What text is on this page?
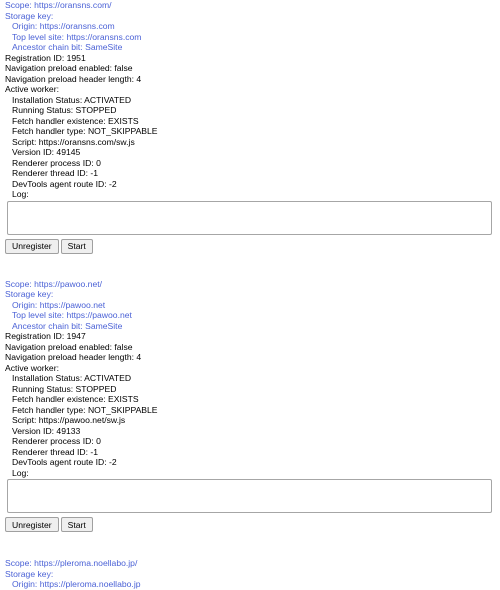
Scope: https://oransns.com/
Storage key:
Origin: https://oransns.com
Top level site: https://oransns.com
Ancestor chain bit: SameSite
Registration ID: 1951
Navigation preload enabled: false
Navigation preload header length: 4
Active worker:
Installation Status: ACTIVATED
Running Status: STOPPED
Fetch handler existence: EXISTS
Fetch handler type: NOT_SKIPPABLE
Script: https://oransns.com/sw.js
Version ID: 49145
Renderer process ID: 0
Renderer thread ID: -1
DevTools agent route ID: -2
Log:
Unregister Start
Scope: https://pawoo.net/
Storage key:
Origin: https://pawoo.net
Top level site: https://pawoo.net
Ancestor chain bit: SameSite
Registration ID: 1947
Navigation preload enabled: false
Navigation preload header length: 4
Active worker:
Installation Status: ACTIVATED
Running Status: STOPPED
Fetch handler existence: EXISTS
Fetch handler type: NOT_SKIPPABLE
Script: https://pawoo.net/sw.js
Version ID: 49133
Renderer process ID: 0
Renderer thread ID: -1
DevTools agent route ID: -2
Log:
Unregister Start
Scope: https://pleroma.noellabo.jp/
Storage key:
Origin: https://pleroma.noellabo.jp
